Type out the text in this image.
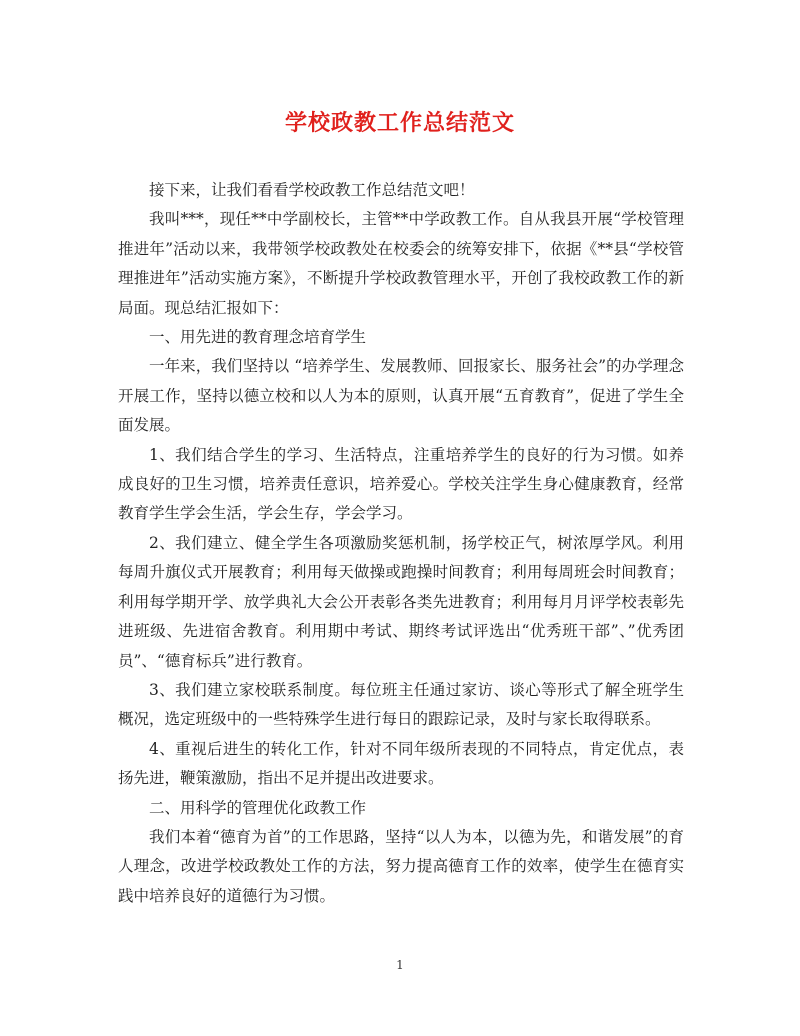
学校政教工作总结范文

接下来，让我们看看学校政教工作总结范文吧！

我叫***，现任**中学副校长，主管**中学政教工作。自从我县开展“学校管理推进年”活动以来，我带领学校政教处在校委会的统筹安排下，依据《**县“学校管理推进年”活动实施方案》，不断提升学校政教管理水平，开创了我校政教工作的新局面。现总结汇报如下：

一、用先进的教育理念培育学生

一年来，我们坚持以 “培养学生、发展教师、回报家长、服务社会”的办学理念开展工作，坚持以德立校和以人为本的原则，认真开展“五育教育”，促进了学生全面发展。

1、我们结合学生的学习、生活特点，注重培养学生的良好的行为习惯。如养成良好的卫生习惯，培养责任意识，培养爱心。学校关注学生身心健康教育，经常教育学生学会生活，学会生存，学会学习。

2、我们建立、健全学生各项激励奖惩机制，扬学校正气，树浓厚学风。利用每周升旗仪式开展教育；利用每天做操或跑操时间教育；利用每周班会时间教育；利用每学期开学、放学典礼大会公开表彰各类先进教育；利用每月月评学校表彰先进班级、先进宿舍教育。利用期中考试、期终考试评选出“优秀班干部”、”优秀团员”、“德育标兵”进行教育。

3、我们建立家校联系制度。每位班主任通过家访、谈心等形式了解全班学生概况，选定班级中的一些特殊学生进行每日的跟踪记录，及时与家长取得联系。

4、重视后进生的转化工作，针对不同年级所表现的不同特点，肯定优点，表扬先进，鞭策激励，指出不足并提出改进要求。

二、用科学的管理优化政教工作

我们本着“德育为首”的工作思路，坚持“以人为本，以德为先，和谐发展”的育人理念，改进学校政教处工作的方法，努力提高德育工作的效率，使学生在德育实践中培养良好的道德行为习惯。

1
